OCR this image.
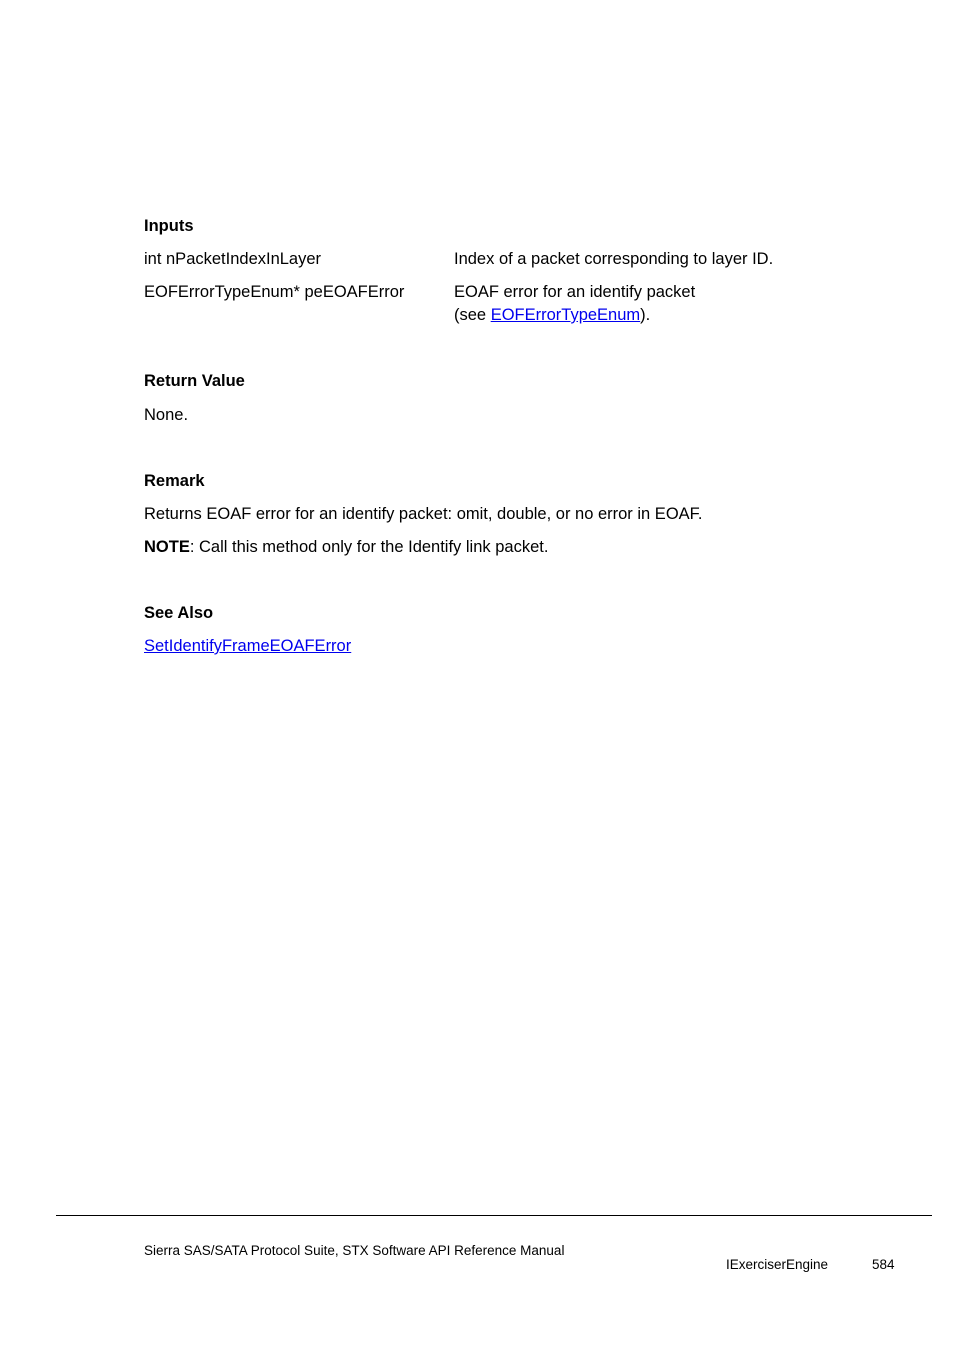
Inputs
int nPacketIndexInLayer	Index of a packet corresponding to layer ID.
EOFErrorTypeEnum* peEOAFError	EOAF error for an identify packet
(see EOFErrorTypeEnum).
Return Value
None.
Remark
Returns EOAF error for an identify packet: omit, double, or no error in EOAF.
NOTE: Call this method only for the Identify link packet.
See Also
SetIdentifyFrameEOAFError
Sierra SAS/SATA Protocol Suite, STX Software API Reference Manual
IExerciserEngine	584
